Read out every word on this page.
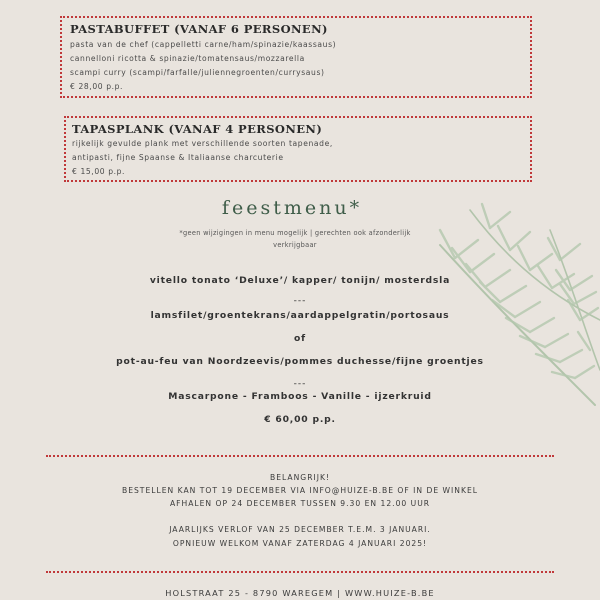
PASTABUFFET (VANAF 6 PERSONEN)

pasta van de chef (cappelletti carne/ham/spinazie/kaassaus)

cannelloni ricotta & spinazie/tomatensaus/mozzarella

scampi curry (scampi/farfalle/juliennegroenten/currysaus)

€ 28,00 p.p.

TAPASPLANK (VANAF 4 PERSONEN)

rijkelijk gevulde plank met verschillende soorten tapenade,

antipasti, fijne Spaanse & Italiaanse charcuterie

€ 15,00 p.p.

feestmenu*
*geen wijzigingen in menu mogelijk | gerechten ook afzonderlijk
verkrijgbaar

vitello tonato ‘Deluxe’/ kapper/ tonijn/ mosterdsla

---

lamsfilet/groentekrans/aardappelgratin/portosaus

of

pot-au-feu van Noordzeevis/pommes duchesse/fijne groentjes

---

Mascarpone - Framboos - Vanille - ijzerkruid

€ 60,00 p.p.

BELANGRIJK!
BESTELLEN KAN TOT 19 DECEMBER VIA INFO@HUIZE-B.BE OF IN DE WINKEL
AFHALEN OP 24 DECEMBER TUSSEN 9.30 EN 12.00 UUR
JAARLIJKS VERLOF VAN 25 DECEMBER T.E.M. 3 JANUARI.
OPNIEUW WELKOM VANAF ZATERDAG 4 JANUARI 2025!
HOLSTRAAT 25 - 8790 WAREGEM | WWW.HUIZE-B.BE
